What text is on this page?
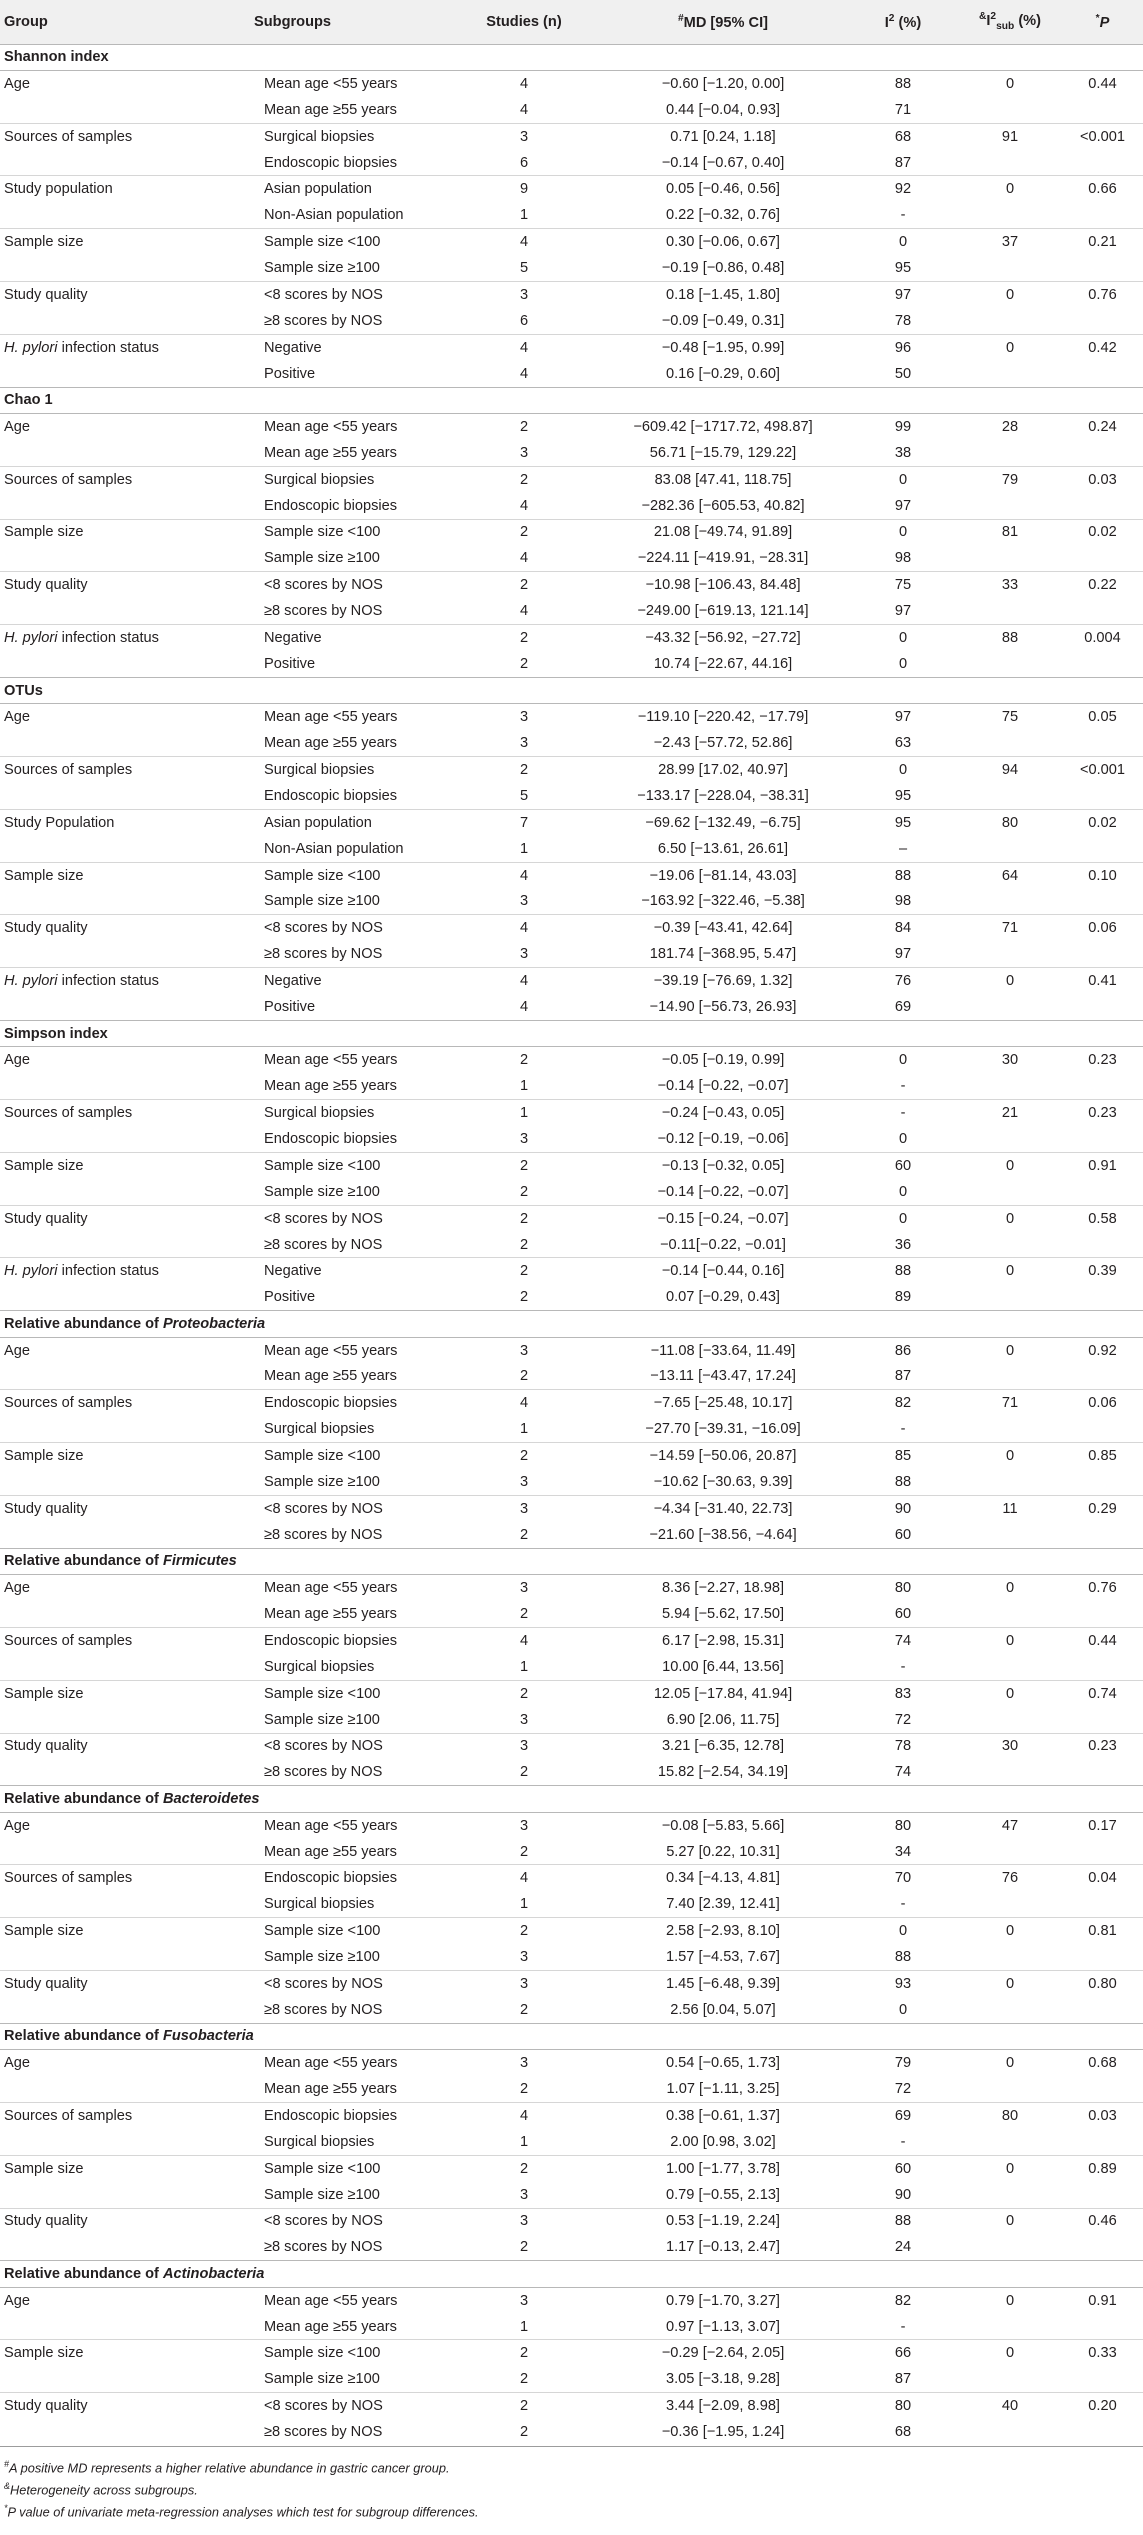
Group	Subgroups	Studies (n)	#MD [95% CI]	$I^2$ (%)	$^{\&}I^2_{sub}$ (%)	*P
Shannon index						
Age	Mean age <55 years	4	−0.60 [−1.20, 0.00]	88	0	0.44
	Mean age ≥55 years	4	0.44 [−0.04, 0.93]	71		
Sources of samples	Surgical biopsies	3	0.71 [0.24, 1.18]	68	91	<0.001
	Endoscopic biopsies	6	−0.14 [−0.67, 0.40]	87		
Study population	Asian population	9	0.05 [−0.46, 0.56]	92	0	0.66
	Non-Asian population	1	0.22 [−0.32, 0.76]	-		
Sample size	Sample size <100	4	0.30 [−0.06, 0.67]	0	37	0.21
	Sample size ≥100	5	−0.19 [−0.86, 0.48]	95		
Study quality	<8 scores by NOS	3	0.18 [−1.45, 1.80]	97	0	0.76
	≥8 scores by NOS	6	−0.09 [−0.49, 0.31]	78		
H. pylori infection status	Negative	4	−0.48 [−1.95, 0.99]	96	0	0.42
	Positive	4	0.16 [−0.29, 0.60]	50		
Chao 1						
Age	Mean age <55 years	2	−609.42 [−1717.72, 498.87]	99	28	0.24
	Mean age ≥55 years	3	56.71 [−15.79, 129.22]	38		
Sources of samples	Surgical biopsies	2	83.08 [47.41, 118.75]	0	79	0.03
	Endoscopic biopsies	4	−282.36 [−605.53, 40.82]	97		
Sample size	Sample size <100	2	21.08 [−49.74, 91.89]	0	81	0.02
	Sample size ≥100	4	−224.11 [−419.91, −28.31]	98		
Study quality	<8 scores by NOS	2	−10.98 [−106.43, 84.48]	75	33	0.22
	≥8 scores by NOS	4	−249.00 [−619.13, 121.14]	97		
H. pylori infection status	Negative	2	−43.32 [−56.92, −27.72]	0	88	0.004
	Positive	2	10.74 [−22.67, 44.16]	0		
OTUs						
Age	Mean age <55 years	3	−119.10 [−220.42, −17.79]	97	75	0.05
	Mean age ≥55 years	3	−2.43 [−57.72, 52.86]	63		
Sources of samples	Surgical biopsies	2	28.99 [17.02, 40.97]	0	94	<0.001
	Endoscopic biopsies	5	−133.17 [−228.04, −38.31]	95		
Study Population	Asian population	7	−69.62 [−132.49, −6.75]	95	80	0.02
	Non-Asian population	1	6.50 [−13.61, 26.61]	–		
Sample size	Sample size <100	4	−19.06 [−81.14, 43.03]	88	64	0.10
	Sample size ≥100	3	−163.92 [−322.46, −5.38]	98		
Study quality	<8 scores by NOS	4	−0.39 [−43.41, 42.64]	84	71	0.06
	≥8 scores by NOS	3	181.74 [−368.95, 5.47]	97		
H. pylori infection status	Negative	4	−39.19 [−76.69, 1.32]	76	0	0.41
	Positive	4	−14.90 [−56.73, 26.93]	69		
Simpson index						
Age	Mean age <55 years	2	−0.05 [−0.19, 0.99]	0	30	0.23
	Mean age ≥55 years	1	−0.14 [−0.22, −0.07]	-		
Sources of samples	Surgical biopsies	1	−0.24 [−0.43, 0.05]	-	21	0.23
	Endoscopic biopsies	3	−0.12 [−0.19, −0.06]	0		
Sample size	Sample size <100	2	−0.13 [−0.32, 0.05]	60	0	0.91
	Sample size ≥100	2	−0.14 [−0.22, −0.07]	0		
Study quality	<8 scores by NOS	2	−0.15 [−0.24, −0.07]	0	0	0.58
	≥8 scores by NOS	2	−0.11[−0.22, −0.01]	36		
H. pylori infection status	Negative	2	−0.14 [−0.44, 0.16]	88	0	0.39
	Positive	2	0.07 [−0.29, 0.43]	89		
Relative abundance of Proteobacteria						
Age	Mean age <55 years	3	−11.08 [−33.64, 11.49]	86	0	0.92
	Mean age ≥55 years	2	−13.11 [−43.47, 17.24]	87		
Sources of samples	Endoscopic biopsies	4	−7.65 [−25.48, 10.17]	82	71	0.06
	Surgical biopsies	1	−27.70 [−39.31, −16.09]	-		
Sample size	Sample size <100	2	−14.59 [−50.06, 20.87]	85	0	0.85
	Sample size ≥100	3	−10.62 [−30.63, 9.39]	88		
Study quality	<8 scores by NOS	3	−4.34 [−31.40, 22.73]	90	11	0.29
	≥8 scores by NOS	2	−21.60 [−38.56, −4.64]	60		
Relative abundance of Firmicutes						
Age	Mean age <55 years	3	8.36 [−2.27, 18.98]	80	0	0.76
	Mean age ≥55 years	2	5.94 [−5.62, 17.50]	60		
Sources of samples	Endoscopic biopsies	4	6.17 [−2.98, 15.31]	74	0	0.44
	Surgical biopsies	1	10.00 [6.44, 13.56]	-		
Sample size	Sample size <100	2	12.05 [−17.84, 41.94]	83	0	0.74
	Sample size ≥100	3	6.90 [2.06, 11.75]	72		
Study quality	<8 scores by NOS	3	3.21 [−6.35, 12.78]	78	30	0.23
	≥8 scores by NOS	2	15.82 [−2.54, 34.19]	74		
Relative abundance of Bacteroidetes						
Age	Mean age <55 years	3	−0.08 [−5.83, 5.66]	80	47	0.17
	Mean age ≥55 years	2	5.27 [0.22, 10.31]	34		
Sources of samples	Endoscopic biopsies	4	0.34 [−4.13, 4.81]	70	76	0.04
	Surgical biopsies	1	7.40 [2.39, 12.41]	-		
Sample size	Sample size <100	2	2.58 [−2.93, 8.10]	0	0	0.81
	Sample size ≥100	3	1.57 [−4.53, 7.67]	88		
Study quality	<8 scores by NOS	3	1.45 [−6.48, 9.39]	93	0	0.80
	≥8 scores by NOS	2	2.56 [0.04, 5.07]	0		
Relative abundance of Fusobacteria						
Age	Mean age <55 years	3	0.54 [−0.65, 1.73]	79	0	0.68
	Mean age ≥55 years	2	1.07 [−1.11, 3.25]	72		
Sources of samples	Endoscopic biopsies	4	0.38 [−0.61, 1.37]	69	80	0.03
	Surgical biopsies	1	2.00 [0.98, 3.02]	-		
Sample size	Sample size <100	2	1.00 [−1.77, 3.78]	60	0	0.89
	Sample size ≥100	3	0.79 [−0.55, 2.13]	90		
Study quality	<8 scores by NOS	3	0.53 [−1.19, 2.24]	88	0	0.46
	≥8 scores by NOS	2	1.17 [−0.13, 2.47]	24		
Relative abundance of Actinobacteria						
Age	Mean age <55 years	3	0.79 [−1.70, 3.27]	82	0	0.91
	Mean age ≥55 years	1	0.97 [−1.13, 3.07]	-		
Sample size	Sample size <100	2	−0.29 [−2.64, 2.05]	66	0	0.33
	Sample size ≥100	2	3.05 [−3.18, 9.28]	87		
Study quality	<8 scores by NOS	2	3.44 [−2.09, 8.98]	80	40	0.20
	≥8 scores by NOS	2	−0.36 [−1.95, 1.24]	68		

#A positive MD represents a higher relative abundance in gastric cancer group.

&Heterogeneity across subgroups.

*P value of univariate meta-regression analyses which test for subgroup differences.
